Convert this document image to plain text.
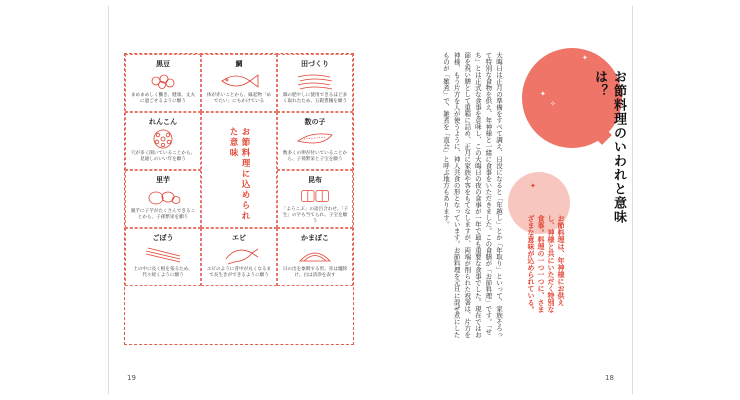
黒豆
まめまめしく働き、健康、丈夫に過ごせるように願う
鯛
体が赤いことから、縁起物「めでたい」にもかけている
田づくり
畑の肥やしに使用できるほど多く取れたため、五穀豊穣を願う
れんこん
穴が多く開いていることから、見通しのいい年を願う	お節料理に込められた意味
数の子
数多くの卵が付いていることから、子孫繁栄と子宝を願う
里芋
親芋に子芋がたくさんできることから、子孫繁栄を願う
昆布
「よろこぶ」の語呂合わせ。「子生」の字も当てられ、子宝を願う
ごぼう
土の中に長く根を張るため、代々続くように願う
エビ
エビのように背中が丸くなるまで長生きができるように願う
かまぼこ
日の出を象徴する形。赤は魔除け、白は清浄を表す
19
大晦日は正月の準備をすべて調え、日没になると「年越し」とか「年取り」といって、家族そろって特別な食物を供え、年神様と一緒に食事をいただきました。この食膳が「お節料理」です。「せち」とは正式な食事を意味し、この大晦日の夜の食事が一年で最も重要な食事でした。現在ではお節を祝い膳として重箱に詰め、正月に家族や客をもてなしますが、両端が削られた祝箸は、片方を神様、もう片方を人が使うように、神人共食の形となっています。お節料理を元旦に混ぜ煮にしたものが「雑煮」で、雑煮を「直会」と呼ぶ地方もあります。
18
✦
✦
✧
✦	お節料理のいわれと意味は？
お節料理は、年神様にお供えし、神様と共にいただく特別な食事。料理の一つ一つに、さまざまな意味が込められている。
